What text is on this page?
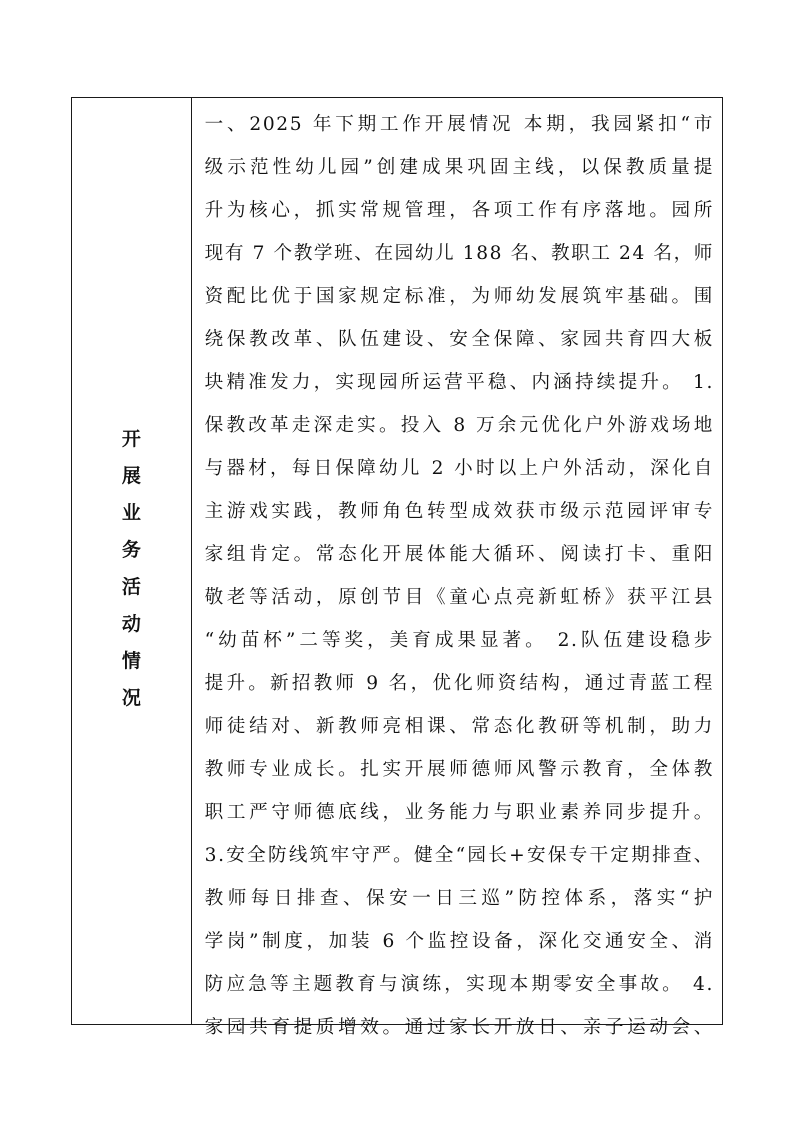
开
展
业
务
活
动
情
况
一、2025 年下期工作开展情况 本期，我园紧扣“市
级示范性幼儿园”创建成果巩固主线，以保教质量提
升为核心，抓实常规管理，各项工作有序落地。园所
现有 7 个教学班、在园幼儿 188 名、教职工 24 名，师
资配比优于国家规定标准，为师幼发展筑牢基础。围
绕保教改革、队伍建设、安全保障、家园共育四大板
块精准发力，实现园所运营平稳、内涵持续提升。 1.
保教改革走深走实。投入 8 万余元优化户外游戏场地
与器材，每日保障幼儿 2 小时以上户外活动，深化自
主游戏实践，教师角色转型成效获市级示范园评审专
家组肯定。常态化开展体能大循环、阅读打卡、重阳
敬老等活动，原创节目《童心点亮新虹桥》获平江县
“幼苗杯”二等奖，美育成果显著。 2.队伍建设稳步
提升。新招教师 9 名，优化师资结构，通过青蓝工程
师徒结对、新教师亮相课、常态化教研等机制，助力
教师专业成长。扎实开展师德师风警示教育，全体教
职工严守师德底线，业务能力与职业素养同步提升。
3.安全防线筑牢守严。健全“园长+安保专干定期排查、
教师每日排查、保安一日三巡”防控体系，落实“护
学岗”制度，加装 6 个监控设备，深化交通安全、消
防应急等主题教育与演练，实现本期零安全事故。 4.
家园共育提质增效。通过家长开放日、亲子运动会、
